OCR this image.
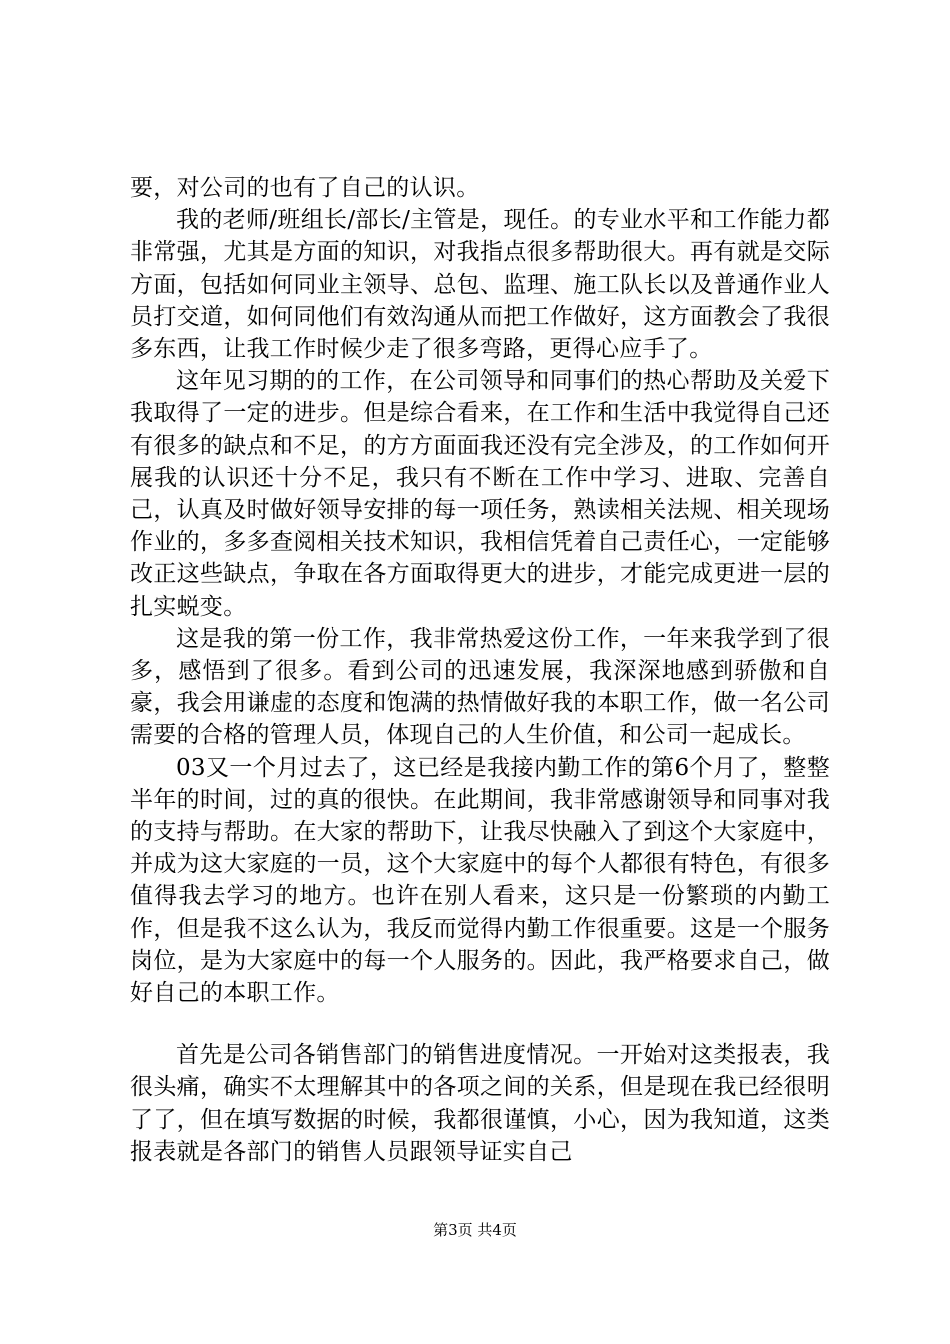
要，对公司的也有了自己的认识。

我的老师/班组长/部长/主管是，现任。的专业水平和工作能力都非常强，尤其是方面的知识，对我指点很多帮助很大。再有就是交际方面，包括如何同业主领导、总包、监理、施工队长以及普通作业人员打交道，如何同他们有效沟通从而把工作做好，这方面教会了我很多东西，让我工作时候少走了很多弯路，更得心应手了。

这年见习期的的工作，在公司领导和同事们的热心帮助及关爱下我取得了一定的进步。但是综合看来，在工作和生活中我觉得自己还有很多的缺点和不足，的方方面面我还没有完全涉及，的工作如何开展我的认识还十分不足，我只有不断在工作中学习、进取、完善自己，认真及时做好领导安排的每一项任务，熟读相关法规、相关现场作业的，多多查阅相关技术知识，我相信凭着自己责任心，一定能够改正这些缺点，争取在各方面取得更大的进步，才能完成更进一层的扎实蜕变。

这是我的第一份工作，我非常热爱这份工作，一年来我学到了很多，感悟到了很多。看到公司的迅速发展，我深深地感到骄傲和自豪，我会用谦虚的态度和饱满的热情做好我的本职工作，做一名公司需要的合格的管理人员，体现自己的人生价值，和公司一起成长。

03又一个月过去了，这已经是我接内勤工作的第6个月了，整整半年的时间，过的真的很快。在此期间，我非常感谢领导和同事对我的支持与帮助。在大家的帮助下，让我尽快融入了到这个大家庭中，并成为这大家庭的一员，这个大家庭中的每个人都很有特色，有很多值得我去学习的地方。也许在别人看来，这只是一份繁琐的内勤工作，但是我不这么认为，我反而觉得内勤工作很重要。这是一个服务岗位，是为大家庭中的每一个人服务的。因此，我严格要求自己，做好自己的本职工作。

首先是公司各销售部门的销售进度情况。一开始对这类报表，我很头痛，确实不太理解其中的各项之间的关系，但是现在我已经很明了了，但在填写数据的时候，我都很谨慎，小心，因为我知道，这类报表就是各部门的销售人员跟领导证实自己

第3页 共4页
